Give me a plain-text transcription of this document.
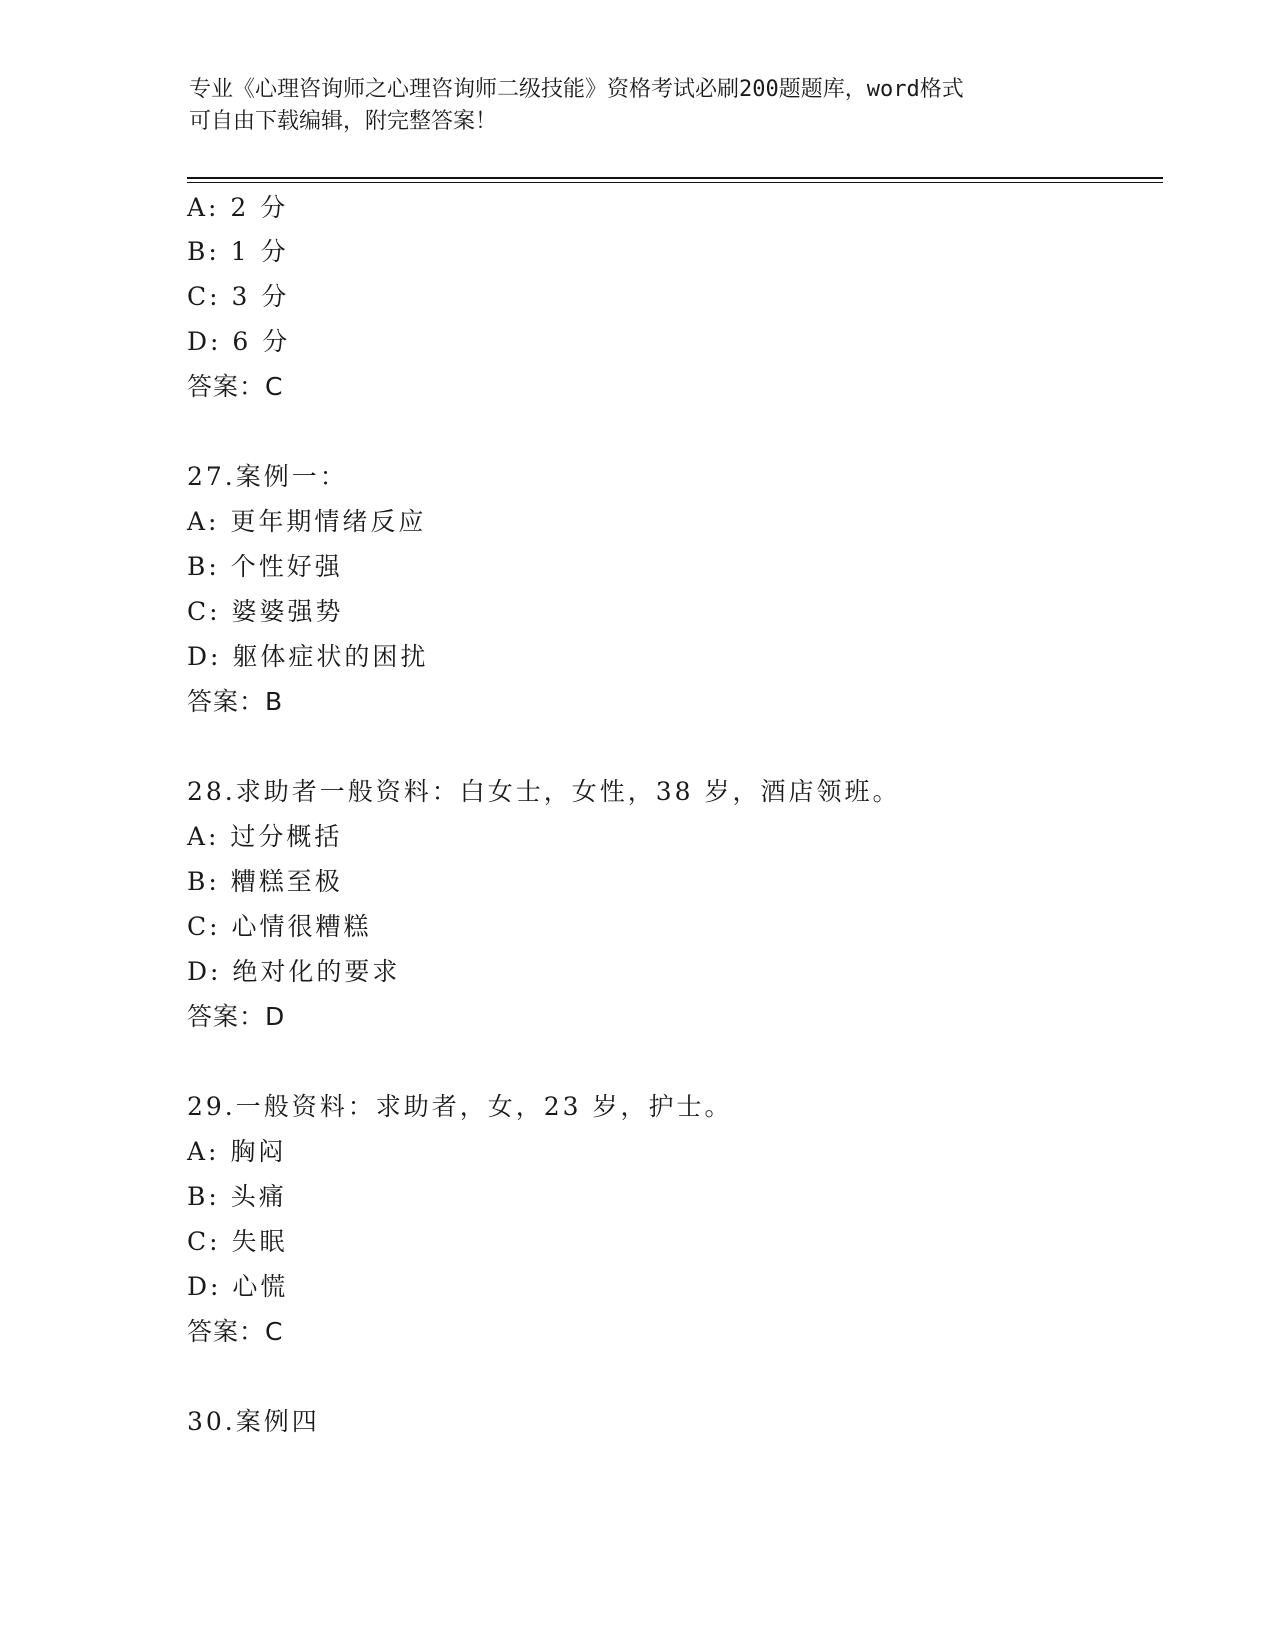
专业《心理咨询师之心理咨询师二级技能》资格考试必刷200题题库，word格式
可自由下载编辑，附完整答案！
A: 2 分
B: 1 分
C: 3 分
D: 6 分
答案：C
27.案例一：
A: 更年期情绪反应
B: 个性好强
C: 婆婆强势
D: 躯体症状的困扰
答案：B
28.求助者一般资料：白女士，女性，38 岁，酒店领班。
A: 过分概括
B: 糟糕至极
C: 心情很糟糕
D: 绝对化的要求
答案：D
29.一般资料：求助者，女，23 岁，护士。
A: 胸闷
B: 头痛
C: 失眠
D: 心慌
答案：C
30.案例四
